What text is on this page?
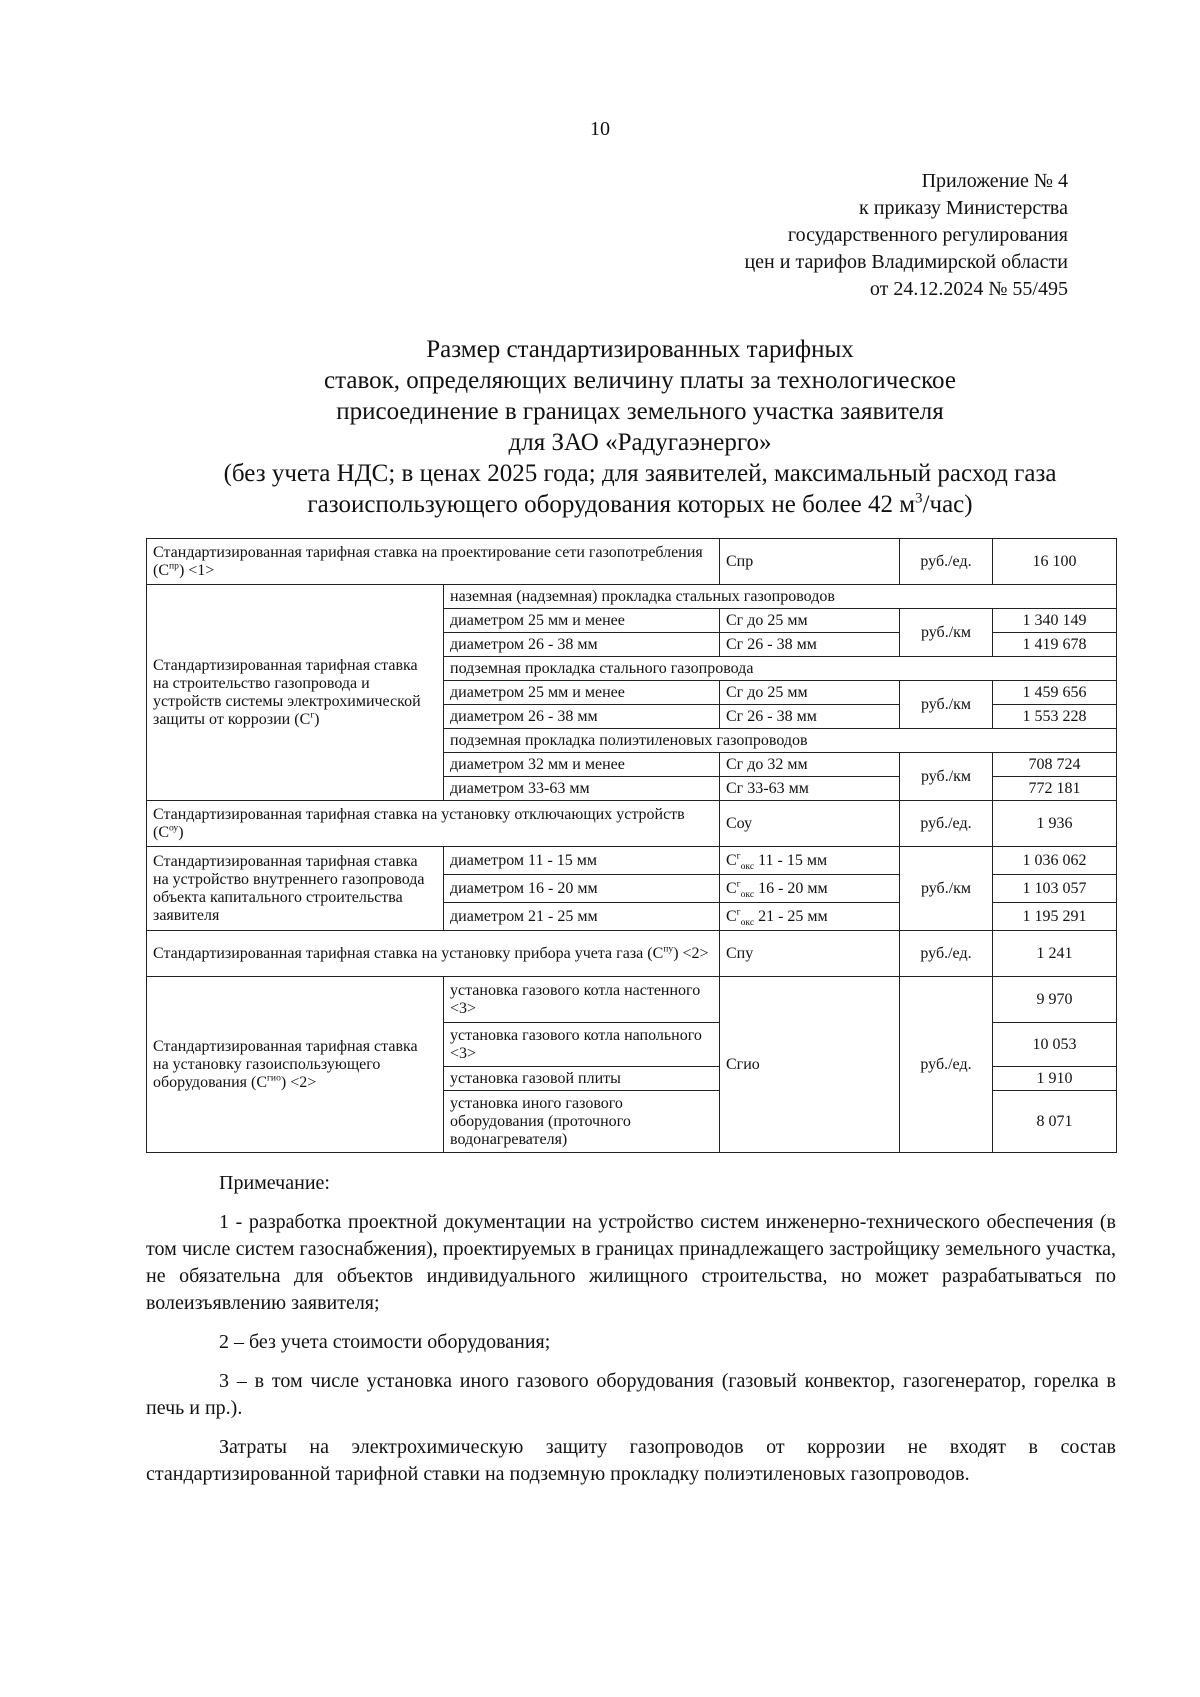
10
Приложение № 4
к приказу Министерства
государственного регулирования
цен и тарифов Владимирской области
от 24.12.2024 № 55/495
Размер стандартизированных тарифных
ставок, определяющих величину платы за технологическое
присоединение в границах земельного участка заявителя
для ЗАО «Радугаэнерго»
(без учета НДС; в ценах 2025 года; для заявителей, максимальный расход газа
газоиспользующего оборудования которых не более 42 $м^3/час$)
Стандартизированная тарифная ставка на проектирование сети газопотребления $(С^{пр}) <1>$		Спр	руб./ед.	16 100
Стандартизированная тарифная ставка на строительство газопровода и устройств системы электрохимической защиты от коррозии $(С^г)$	наземная (надземная) прокладка стальных газопроводов			
	диаметром 25 мм и менее	Сг до 25 мм	руб./км	1 340 149
	диаметром 26 - 38 мм	Сг 26 - 38 мм		1 419 678
	подземная прокладка стального газопровода			
	диаметром 25 мм и менее	Сг до 25 мм	руб./км	1 459 656
	диаметром 26 - 38 мм	Сг 26 - 38 мм		1 553 228
	подземная прокладка полиэтиленовых газопроводов			
	диаметром 32 мм и менее	Сг до 32 мм	руб./км	708 724
	диаметром 33-63 мм	Сг 33-63 мм		772 181
Стандартизированная тарифная ставка на установку отключающих устройств $(С^{оу})$		Соу	руб./ед.	1 936
Стандартизированная тарифная ставка на устройство внутреннего газопровода объекта капитального строительства заявителя	диаметром 11 - 15 мм	$С^г_{окс}$ 11 - 15 мм	руб./км	1 036 062
	диаметром 16 - 20 мм	$С^г_{окс}$ 16 - 20 мм		1 103 057
	диаметром 21 - 25 мм	$С^г_{окс}$ 21 - 25 мм		1 195 291
Стандартизированная тарифная ставка на установку прибора учета газа $(С^{пу}) <2>$		Спу	руб./ед.	1 241
Стандартизированная тарифная ставка на установку газоиспользующего оборудования $(С^{гио}) <2>$	установка газового котла настенного <3>	Сгио	руб./ед.	9 970
	установка газового котла напольного <3>			10 053
	установка газовой плиты			1 910
	установка иного газового оборудования (проточного водонагревателя)			8 071

Примечание:

1 - разработка проектной документации на устройство систем инженерно-технического обеспечения (в том числе систем газоснабжения), проектируемых в границах принадлежащего застройщику земельного участка, не обязательна для объектов индивидуального жилищного строительства, но может разрабатываться по волеизъявлению заявителя;

2 – без учета стоимости оборудования;

3 – в том числе установка иного газового оборудования (газовый конвектор, газогенератор, горелка в печь и пр.).

Затраты на электрохимическую защиту газопроводов от коррозии не входят в состав стандартизированной тарифной ставки на подземную прокладку полиэтиленовых газопроводов.
